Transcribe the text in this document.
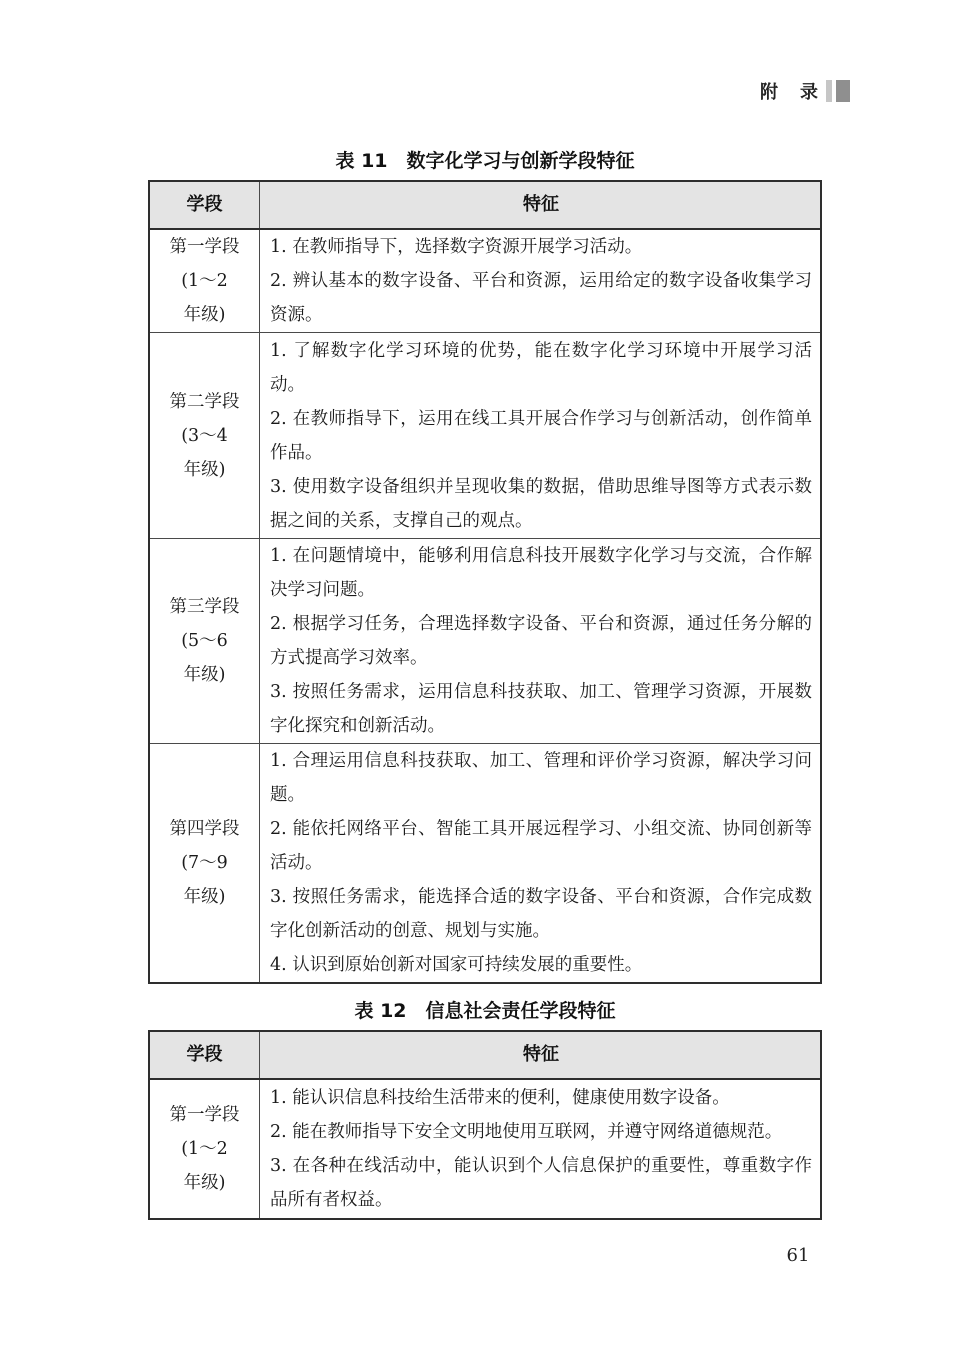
附　录
表 11　数字化学习与创新学段特征
学段	特征
第一学段
(1～2
年级)

1. 在教师指导下，选择数字资源开展学习活动。

2. 辨认基本的数字设备、平台和资源，运用给定的数字设备收集学习资源。

第二学段
(3～4
年级)

1. 了解数字化学习环境的优势，能在数字化学习环境中开展学习活动。

2. 在教师指导下，运用在线工具开展合作学习与创新活动，创作简单作品。

3. 使用数字设备组织并呈现收集的数据，借助思维导图等方式表示数据之间的关系，支撑自己的观点。

第三学段
(5～6
年级)

1. 在问题情境中，能够利用信息科技开展数字化学习与交流，合作解决学习问题。

2. 根据学习任务，合理选择数字设备、平台和资源，通过任务分解的方式提高学习效率。

3. 按照任务需求，运用信息科技获取、加工、管理学习资源，开展数字化探究和创新活动。

第四学段
(7～9
年级)

1. 合理运用信息科技获取、加工、管理和评价学习资源，解决学习问题。

2. 能依托网络平台、智能工具开展远程学习、小组交流、协同创新等活动。

3. 按照任务需求，能选择合适的数字设备、平台和资源，合作完成数字化创新活动的创意、规划与实施。

4. 认识到原始创新对国家可持续发展的重要性。

表 12　信息社会责任学段特征
学段	特征
第一学段
(1～2
年级)

1. 能认识信息科技给生活带来的便利，健康使用数字设备。

2. 能在教师指导下安全文明地使用互联网，并遵守网络道德规范。

3. 在各种在线活动中，能认识到个人信息保护的重要性，尊重数字作品所有者权益。

61
